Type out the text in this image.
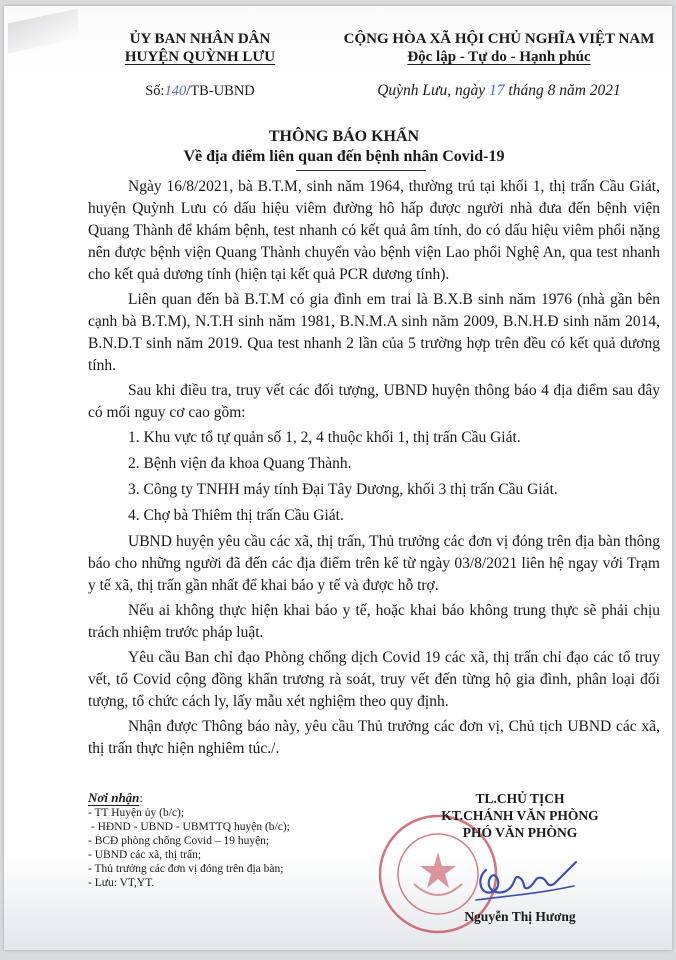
ỦY BAN NHÂN DÂN
HUYỆN QUỲNH LƯU
Số:140/TB-UBND
CỘNG HÒA XÃ HỘI CHỦ NGHĨA VIỆT NAM
Độc lập - Tự do - Hạnh phúc
Quỳnh Lưu, ngày 17 tháng 8 năm 2021
THÔNG BÁO KHẨN
Về địa điểm liên quan đến bệnh nhân Covid-19

Ngày 16/8/2021, bà B.T.M, sinh năm 1964, thường trú tại khối 1, thị trấn Cầu Giát, huyện Quỳnh Lưu có dấu hiệu viêm đường hô hấp được người nhà đưa đến bệnh viện Quang Thành để khám bệnh, test nhanh có kết quả âm tính, do có dấu hiệu viêm phổi nặng nên được bệnh viện Quang Thành chuyển vào bệnh viện Lao phổi Nghệ An, qua test nhanh cho kết quả dương tính (hiện tại kết quả PCR dương tính).

Liên quan đến bà B.T.M có gia đình em trai là B.X.B sinh năm 1976 (nhà gần bên cạnh bà B.T.M), N.T.H sinh năm 1981, B.N.M.A sinh năm 2009, B.N.H.Đ sinh năm 2014, B.N.D.T sinh năm 2019. Qua test nhanh 2 lần của 5 trường hợp trên đều có kết quả dương tính.

Sau khi điều tra, truy vết các đối tượng, UBND huyện thông báo 4 địa điểm sau đây có mối nguy cơ cao gồm:

1. Khu vực tổ tự quản số 1, 2, 4 thuộc khối 1, thị trấn Cầu Giát.

2. Bệnh viện đa khoa Quang Thành.

3. Công ty TNHH máy tính Đại Tây Dương, khối 3 thị trấn Cầu Giát.

4. Chợ bà Thiêm thị trấn Cầu Giát.

UBND huyện yêu cầu các xã, thị trấn, Thủ trưởng các đơn vị đóng trên địa bàn thông báo cho những người đã đến các địa điểm trên kể từ ngày 03/8/2021 liên hệ ngay với Trạm y tế xã, thị trấn gần nhất để khai báo y tế và được hỗ trợ.

Nếu ai không thực hiện khai báo y tế, hoặc khai báo không trung thực sẽ phải chịu trách nhiệm trước pháp luật.

Yêu cầu Ban chỉ đạo Phòng chống dịch Covid 19 các xã, thị trấn chỉ đạo các tổ truy vết, tổ Covid cộng đồng khẩn trương rà soát, truy vết đến từng hộ gia đình, phân loại đối tượng, tổ chức cách ly, lấy mẫu xét nghiệm theo quy định.

Nhận được Thông báo này, yêu cầu Thủ trưởng các đơn vị, Chủ tịch UBND các xã, thị trấn thực hiện nghiêm túc./.

Nơi nhận:
- TT Huyện ủy (b/c);
- HĐND - UBND - UBMTTQ huyện (b/c);
- BCĐ phòng chống Covid – 19 huyện;
- UBND các xã, thị trấn;
- Thủ trưởng các đơn vị đóng trên địa bàn;
- Lưu: VT,YT.
TL.CHỦ TỊCH
KT.CHÁNH VĂN PHÒNG
PHÓ VĂN PHÒNG
Nguyễn Thị Hương
